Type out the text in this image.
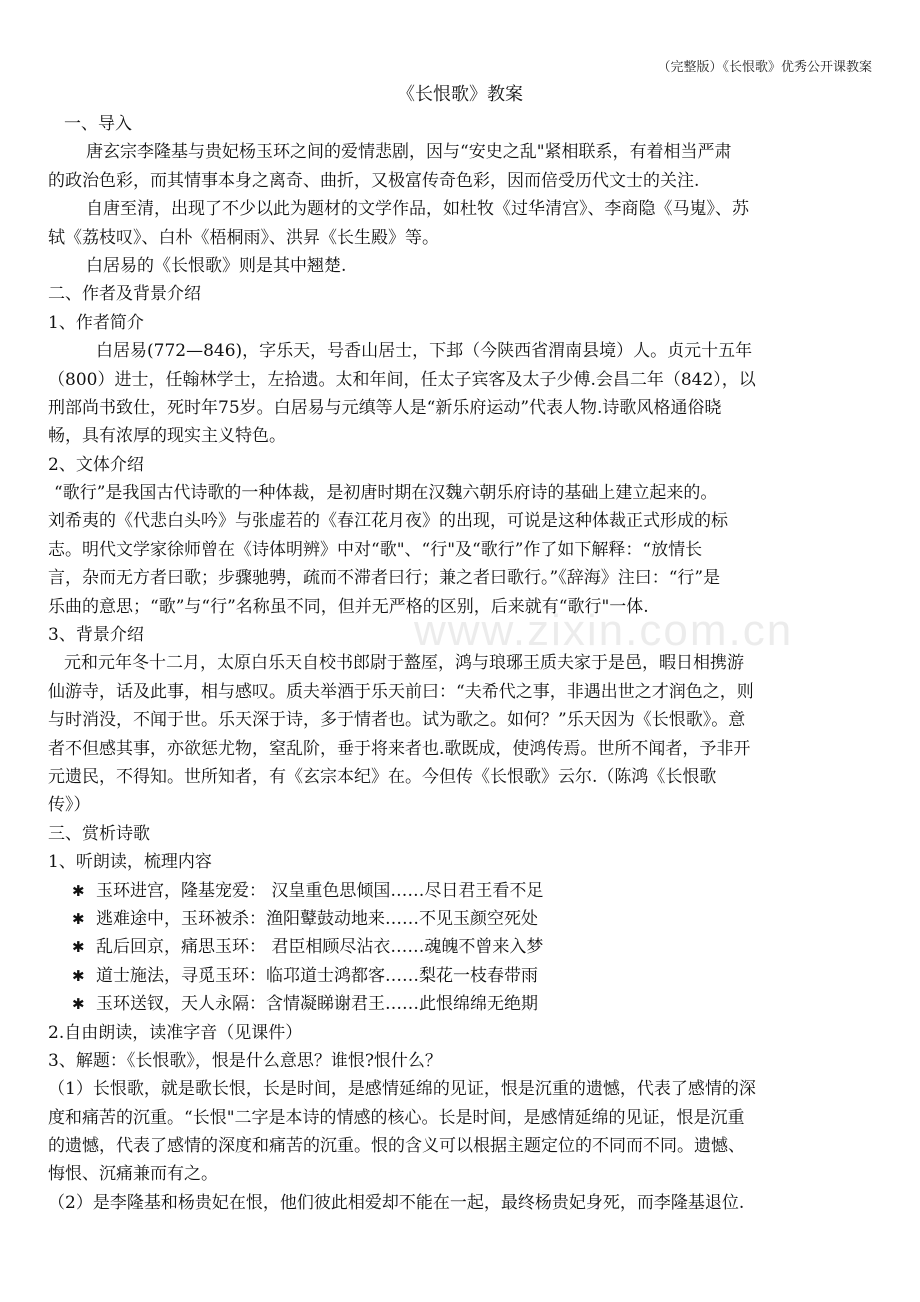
（完整版）《长恨歌》优秀公开课教案
《长恨歌》教案
一、导入
唐玄宗李隆基与贵妃杨玉环之间的爱情悲剧，因与“安史之乱"紧相联系，有着相当严肃
的政治色彩，而其情事本身之离奇、曲折，又极富传奇色彩，因而倍受历代文士的关注.
自唐至清，出现了不少以此为题材的文学作品，如杜牧《过华清宫》、李商隐《马嵬》、苏
轼《荔枝叹》、白朴《梧桐雨》、洪昇《长生殿》等。
白居易的《长恨歌》则是其中翘楚.
二、作者及背景介绍
1、作者简介
白居易(772—846)，字乐天，号香山居士，下邽（今陕西省渭南县境）人。贞元十五年
（800）进士，任翰林学士，左拾遗。太和年间，任太子宾客及太子少傅.会昌二年（842），以
刑部尚书致仕，死时年75岁。白居易与元缜等人是“新乐府运动”代表人物.诗歌风格通俗晓
畅，具有浓厚的现实主义特色。
2、文体介绍
“歌行”是我国古代诗歌的一种体裁，是初唐时期在汉魏六朝乐府诗的基础上建立起来的。
刘希夷的《代悲白头吟》与张虚若的《春江花月夜》的出现，可说是这种体裁正式形成的标
志。明代文学家徐师曾在《诗体明辨》中对“歌"、“行"及“歌行”作了如下解释：“放情长
言，杂而无方者曰歌；步骤驰骋，疏而不滞者曰行；兼之者曰歌行。”《辞海》注曰：“行”是
乐曲的意思；“歌”与“行”名称虽不同，但并无严格的区别，后来就有“歌行"一体.
3、背景介绍
元和元年冬十二月，太原白乐天自校书郎尉于盩厔，鸿与琅琊王质夫家于是邑，暇日相携游
仙游寺，话及此事，相与感叹。质夫举酒于乐天前曰：“夫希代之事，非遇出世之才润色之，则
与时消没，不闻于世。乐天深于诗，多于情者也。试为歌之。如何？”乐天因为《长恨歌》。意
者不但感其事，亦欲惩尤物，窒乱阶，垂于将来者也.歌既成，使鸿传焉。世所不闻者，予非开
元遗民，不得知。世所知者，有《玄宗本纪》在。今但传《长恨歌》云尔.（陈鸿《长恨歌
传》）
三、赏析诗歌
1、听朗读，梳理内容
✱ 玉环进宫，隆基宠爱： 汉皇重色思倾国……尽日君王看不足
✱ 逃难途中，玉环被杀：渔阳鼙鼓动地来……不见玉颜空死处
✱ 乱后回京，痛思玉环： 君臣相顾尽沾衣……魂魄不曾来入梦
✱ 道士施法，寻觅玉环：临邛道士鸿都客……梨花一枝春带雨
✱ 玉环送钗，天人永隔：含情凝睇谢君王……此恨绵绵无绝期
2.自由朗读，读准字音（见课件）
3、解题：《长恨歌》，恨是什么意思？谁恨?恨什么？
（1）长恨歌，就是歌长恨，长是时间，是感情延绵的见证，恨是沉重的遗憾，代表了感情的深
度和痛苦的沉重。“长恨"二字是本诗的情感的核心。长是时间，是感情延绵的见证，恨是沉重
的遗憾，代表了感情的深度和痛苦的沉重。恨的含义可以根据主题定位的不同而不同。遗憾、
悔恨、沉痛兼而有之。
（2）是李隆基和杨贵妃在恨，他们彼此相爱却不能在一起，最终杨贵妃身死，而李隆基退位.
www.zixin.com.cn
